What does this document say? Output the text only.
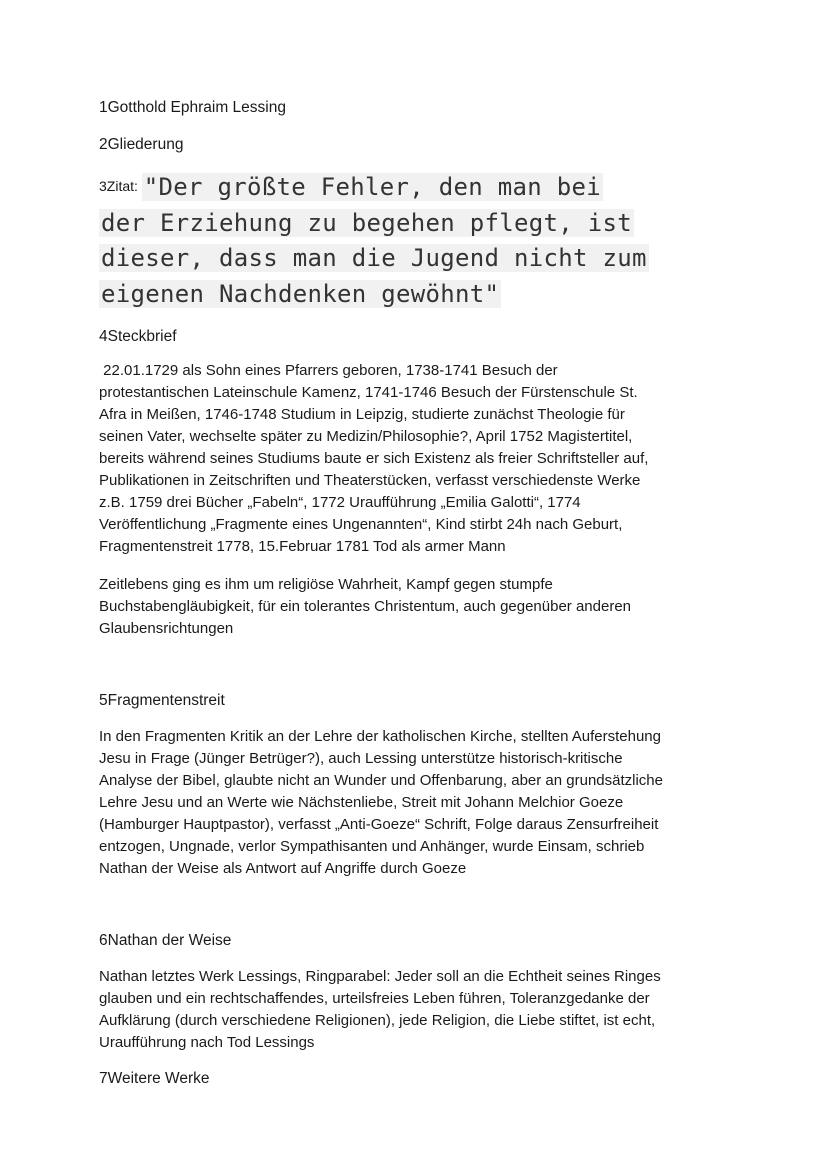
1Gotthold Ephraim Lessing
2Gliederung
3Zitat: "Der größte Fehler, den man bei
der Erziehung zu begehen pflegt, ist
dieser, dass man die Jugend nicht zum
eigenen Nachdenken gewöhnt"
4Steckbrief
22.01.1729 als Sohn eines Pfarrers geboren, 1738-1741 Besuch der
protestantischen Lateinschule Kamenz, 1741-1746 Besuch der Fürstenschule St.
Afra in Meißen, 1746-1748 Studium in Leipzig, studierte zunächst Theologie für
seinen Vater, wechselte später zu Medizin/Philosophie?, April 1752 Magistertitel,
bereits während seines Studiums baute er sich Existenz als freier Schriftsteller auf,
Publikationen in Zeitschriften und Theaterstücken, verfasst verschiedenste Werke
z.B. 1759 drei Bücher „Fabeln“, 1772 Uraufführung „Emilia Galotti“, 1774
Veröffentlichung „Fragmente eines Ungenannten“, Kind stirbt 24h nach Geburt,
Fragmentenstreit 1778, 15.Februar 1781 Tod als armer Mann
Zeitlebens ging es ihm um religiöse Wahrheit, Kampf gegen stumpfe
Buchstabengläubigkeit, für ein tolerantes Christentum, auch gegenüber anderen
Glaubensrichtungen
5Fragmentenstreit
In den Fragmenten Kritik an der Lehre der katholischen Kirche, stellten Auferstehung
Jesu in Frage (Jünger Betrüger?), auch Lessing unterstütze historisch-kritische
Analyse der Bibel, glaubte nicht an Wunder und Offenbarung, aber an grundsätzliche
Lehre Jesu und an Werte wie Nächstenliebe, Streit mit Johann Melchior Goeze
(Hamburger Hauptpastor), verfasst „Anti-Goeze“ Schrift, Folge daraus Zensurfreiheit
entzogen, Ungnade, verlor Sympathisanten und Anhänger, wurde Einsam, schrieb
Nathan der Weise als Antwort auf Angriffe durch Goeze
6Nathan der Weise
Nathan letztes Werk Lessings, Ringparabel: Jeder soll an die Echtheit seines Ringes
glauben und ein rechtschaffendes, urteilsfreies Leben führen, Toleranzgedanke der
Aufklärung (durch verschiedene Religionen), jede Religion, die Liebe stiftet, ist echt,
Uraufführung nach Tod Lessings
7Weitere Werke
